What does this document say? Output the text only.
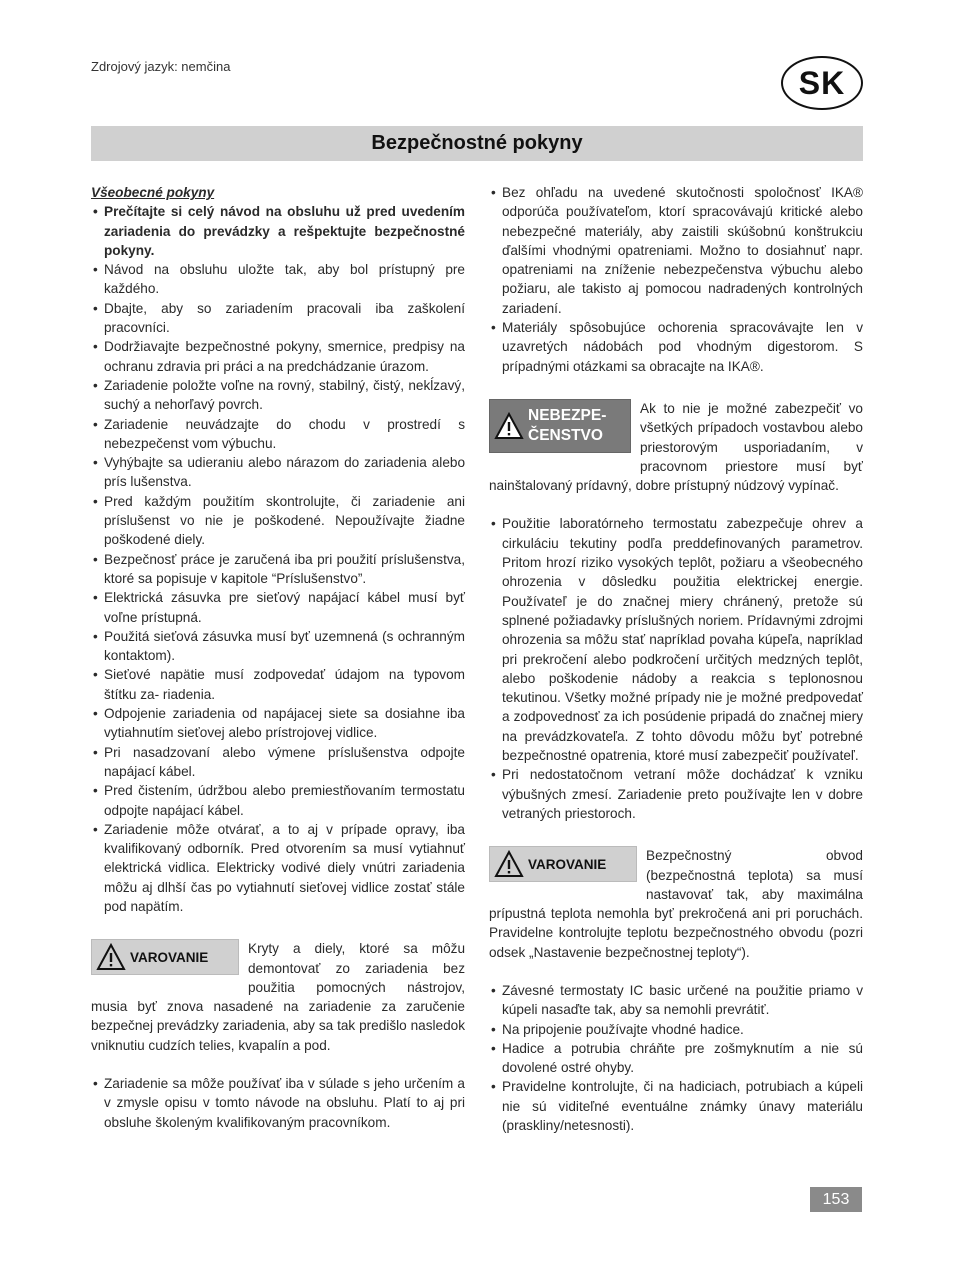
Zdrojový jazyk: nemčina	SK
Bezpečnostné pokyny
Všeobecné pokyny
• Prečítajte si celý návod na obsluhu už pred uvedením zariadenia do prevádzky a rešpektujte bezpečnostné pokyny.
• Návod na obsluhu uložte tak, aby bol prístupný pre každého.
• Dbajte, aby so zariadením pracovali iba zaškolení pracovníci.
• Dodržiavajte bezpečnostné pokyny, smernice, predpisy na ochranu zdravia pri práci a na predchádzanie úrazom.
• Zariadenie položte voľne na rovný, stabilný, čistý, nekĺzavý, suchý a nehorľavý povrch.
• Zariadenie neuvádzajte do chodu v prostredí s nebezpečenst vom výbuchu.
• Vyhýbajte sa udieraniu alebo nárazom do zariadenia alebo prís lušenstva.
• Pred každým použitím skontrolujte, či zariadenie ani príslušenst vo nie je poškodené. Nepoužívajte žiadne poškodené diely.
• Bezpečnosť práce je zaručená iba pri použití príslušenstva, ktoré sa popisuje v kapitole “Príslušenstvo”.
• Elektrická zásuvka pre sieťový napájací kábel musí byť voľne prístupná.
• Použitá sieťová zásuvka musí byť uzemnená (s ochranným kontaktom).
• Sieťové napätie musí zodpovedať údajom na typovom štítku za- riadenia.
• Odpojenie zariadenia od napájacej siete sa dosiahne iba vytiahnutím sieťovej alebo prístrojovej vidlice.
• Pri nasadzovaní alebo výmene príslušenstva odpojte napájací kábel.
• Pred čistením, údržbou alebo premiestňovaním termostatu odpojte napájací kábel.
• Zariadenie môže otvárať, a to aj v prípade opravy, iba kvalifikovaný odborník. Pred otvorením sa musí vytiahnuť elektrická vidlica. Elektricky vodivé diely vnútri zariadenia môžu aj dlhší čas po vytiahnutí sieťovej vidlice zostať stále pod napätím.
VAROVANIE
Kryty a diely, ktoré sa môžu demontovať zo zariadenia bez použitia pomocných nástrojov, musia byť znova nasadené na zariadenie za zaručenie bezpečnej prevádzky zariadenia, aby sa tak predišlo nasledok vniknutiu cudzích telies, kvapalín a pod.
• Zariadenie sa môže používať iba v súlade s jeho určením a v zmysle opisu v tomto návode na obsluhu. Platí to aj pri obsluhe školeným kvalifikovaným pracovníkom.
• Bez ohľadu na uvedené skutočnosti spoločnosť IKA® odporúča používateľom, ktorí spracovávajú kritické alebo nebezpečné materiály, aby zaistili skúšobnú konštrukciu ďalšími vhodnými opatreniami. Možno to dosiahnuť napr. opatreniami na zníženie nebezpečenstva výbuchu alebo požiaru, ale takisto aj pomocou nadradených kontrolných zariadení.
• Materiály spôsobujúce ochorenia spracovávajte len v uzavretých nádobách pod vhodným digestorom. S prípadnými otázkami sa obracajte na IKA®.
NEBEZPE-
ČENSTVO
Ak to nie je možné zabezpečiť vo všetkých prípadoch vostavbou alebo priestorovým usporiadaním, v pracovnom priestore musí byť nainštalovaný prídavný, dobre prístupný núdzový vypínač.
• Použitie laboratórneho termostatu zabezpečuje ohrev a cirkuláciu tekutiny podľa preddefinovaných parametrov. Pritom hrozí riziko vysokých teplôt, požiaru a všeobecného ohrozenia v dôsledku použitia elektrickej energie. Používateľ je do značnej miery chránený, pretože sú splnené požiadavky príslušných noriem. Prídavnými zdrojmi ohrozenia sa môžu stať napríklad povaha kúpeľa, napríklad pri prekročení alebo podkročení určitých medzných teplôt, alebo poškodenie nádoby a reakcia s teplonosnou tekutinou. Všetky možné prípady nie je možné predpovedať a zodpovednosť za ich posúdenie pripadá do značnej miery na prevádzkovateľa. Z tohto dôvodu môžu byť potrebné bezpečnostné opatrenia, ktoré musí zabezpečiť používateľ.
• Pri nedostatočnom vetraní môže dochádzať k vzniku výbušných zmesí. Zariadenie preto používajte len v dobre vetraných priestoroch.
VAROVANIE
Bezpečnostný obvod (bezpečnostná teplota) sa musí nastavovať tak, aby maximálna prípustná teplota nemohla byť prekročená ani pri poruchách. Pravidelne kontrolujte teplotu bezpečnostného obvodu (pozri odsek „Nastavenie bezpečnostnej teploty“).
• Závesné termostaty IC basic určené na použitie priamo v kúpeli nasaďte tak, aby sa nemohli prevrátiť.
• Na pripojenie používajte vhodné hadice.
• Hadice a potrubia chráňte pre zošmyknutím a nie sú dovolené ostré ohyby.
• Pravidelne kontrolujte, či na hadiciach, potrubiach a kúpeli nie sú viditeľné eventuálne známky únavy materiálu (praskliny/netesnosti).
153
